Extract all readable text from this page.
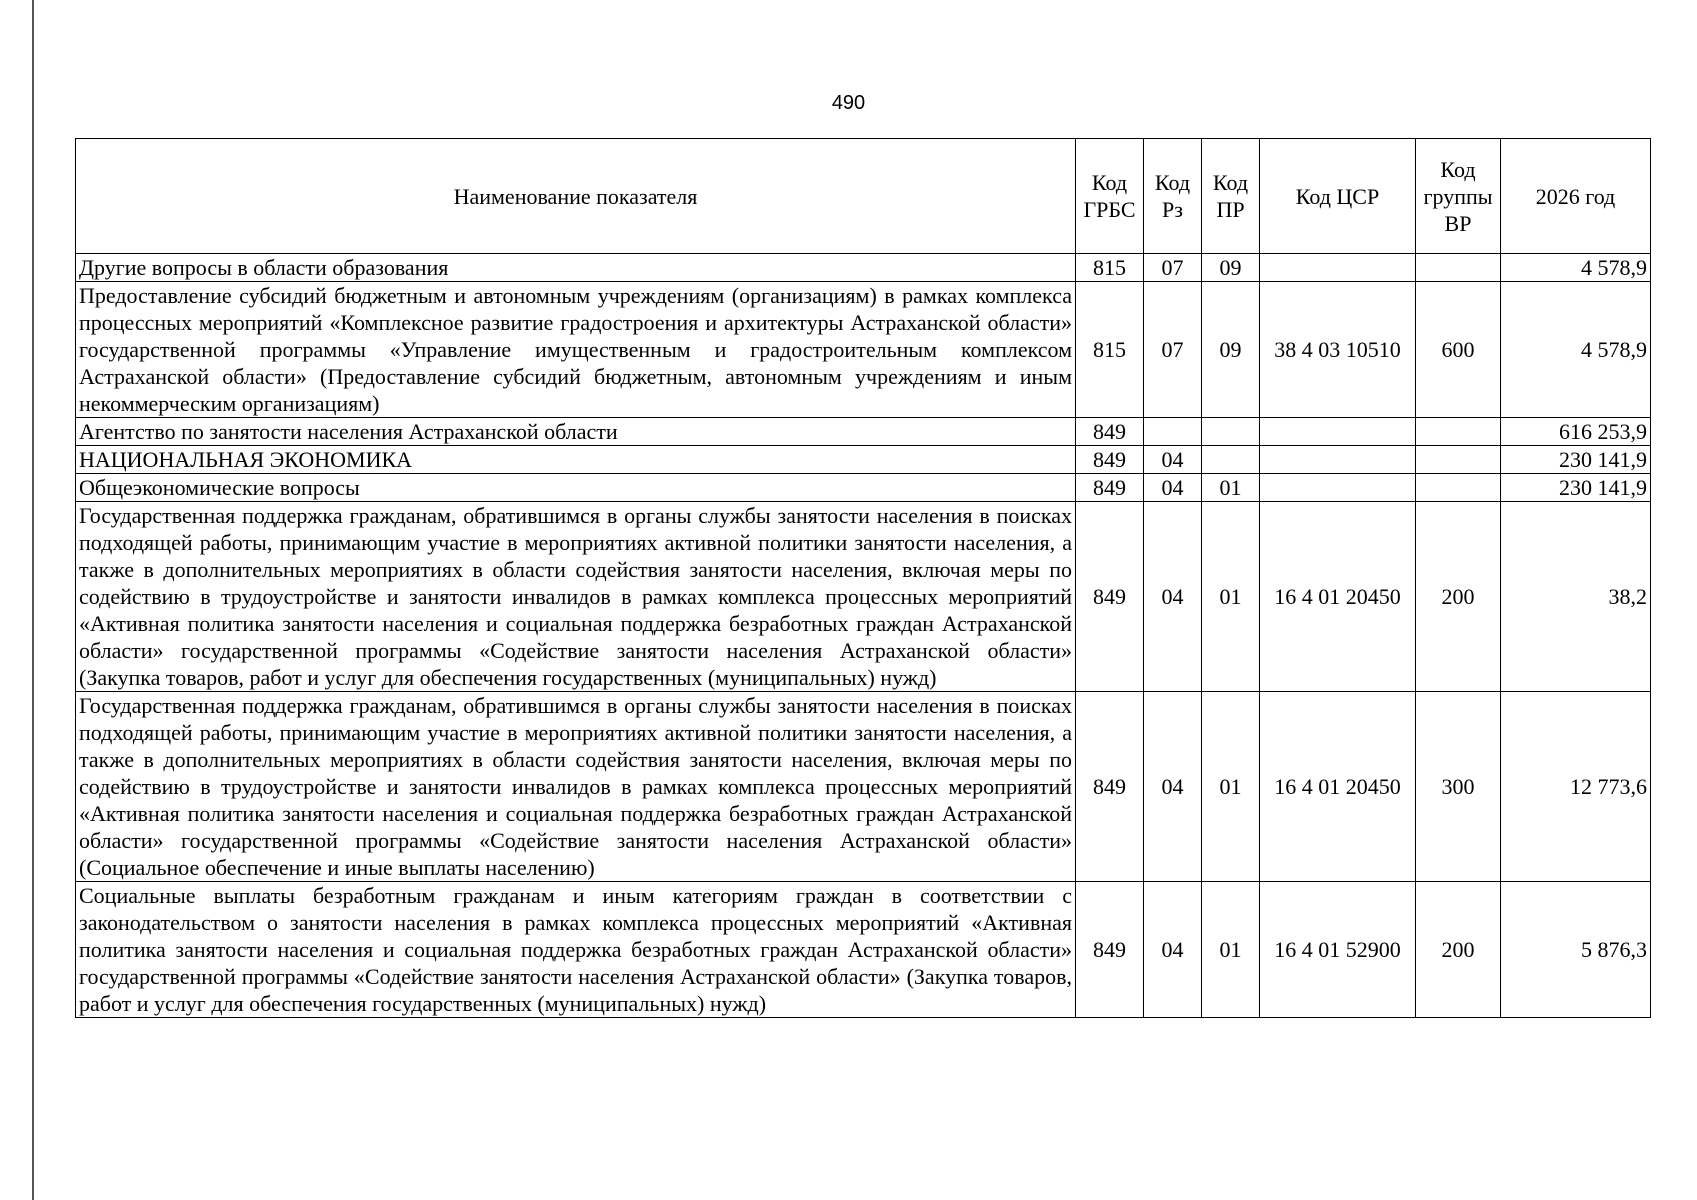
490
Наименование показателя	Код ГРБС	Код Рз	Код ПР	Код ЦСР	Код группы ВР	2026 год
Другие вопросы в области образования	815	07	09			4 578,9
Предоставление субсидий бюджетным и автономным учреждениям (организациям) в рамках комплекса процессных мероприятий «Комплексное развитие градостроения и архитектуры Астраханской области» государственной программы «Управление имущественным и градостроительным комплексом Астраханской области» (Предоставление субсидий бюджетным, автономным учреждениям и иным некоммерческим организациям)	815	07	09	38 4 03 10510	600	4 578,9
Агентство по занятости населения Астраханской области	849					616 253,9
НАЦИОНАЛЬНАЯ ЭКОНОМИКА	849	04				230 141,9
Общеэкономические вопросы	849	04	01			230 141,9
Государственная поддержка гражданам, обратившимся в органы службы занятости населения в поисках подходящей работы, принимающим участие в мероприятиях активной политики занятости населения, а также в дополнительных мероприятиях в области содействия занятости населения, включая меры по содействию в трудоустройстве и занятости инвалидов в рамках комплекса процессных мероприятий «Активная политика занятости населения и социальная поддержка безработных граждан Астраханской области» государственной программы «Содействие занятости населения Астраханской области» (Закупка товаров, работ и услуг для обеспечения государственных (муниципальных) нужд)	849	04	01	16 4 01 20450	200	38,2
Государственная поддержка гражданам, обратившимся в органы службы занятости населения в поисках подходящей работы, принимающим участие в мероприятиях активной политики занятости населения, а также в дополнительных мероприятиях в области содействия занятости населения, включая меры по содействию в трудоустройстве и занятости инвалидов в рамках комплекса процессных мероприятий «Активная политика занятости населения и социальная поддержка безработных граждан Астраханской области» государственной программы «Содействие занятости населения Астраханской области» (Социальное обеспечение и иные выплаты населению)	849	04	01	16 4 01 20450	300	12 773,6
Социальные выплаты безработным гражданам и иным категориям граждан в соответствии с законодательством о занятости населения в рамках комплекса процессных мероприятий «Активная политика занятости населения и социальная поддержка безработных граждан Астраханской области» государственной программы «Содействие занятости населения Астраханской области» (Закупка товаров, работ и услуг для обеспечения государственных (муниципальных) нужд)	849	04	01	16 4 01 52900	200	5 876,3
